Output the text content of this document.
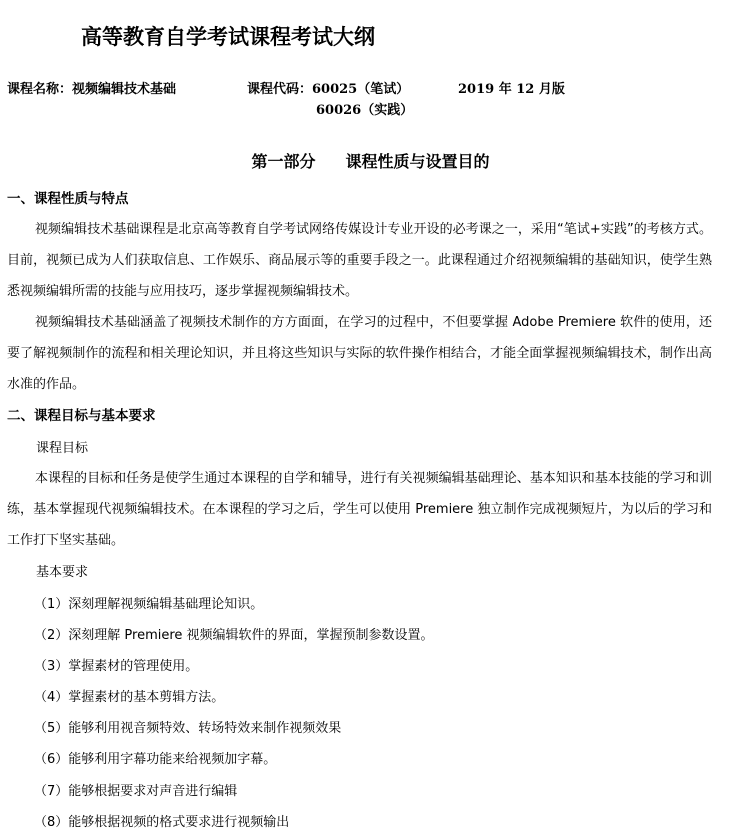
高等教育自学考试课程考试大纲
课程名称：视频编辑技术基础	课程代码：60025（笔试）
60026（实践）
2019 年 12 月版
第一部分 课程性质与设置目的
一、课程性质与特点

视频编辑技术基础课程是北京高等教育自学考试网络传媒设计专业开设的必考课之一，采用“笔试+实践”的考核方式。目前，视频已成为人们获取信息、工作娱乐、商品展示等的重要手段之一。此课程通过介绍视频编辑的基础知识，使学生熟悉视频编辑所需的技能与应用技巧，逐步掌握视频编辑技术。

视频编辑技术基础涵盖了视频技术制作的方方面面，在学习的过程中，不但要掌握 Adobe Premiere 软件的使用，还要了解视频制作的流程和相关理论知识，并且将这些知识与实际的软件操作相结合，才能全面掌握视频编辑技术，制作出高水准的作品。

二、课程目标与基本要求
课程目标

本课程的目标和任务是使学生通过本课程的自学和辅导，进行有关视频编辑基础理论、基本知识和基本技能的学习和训练，基本掌握现代视频编辑技术。在本课程的学习之后，学生可以使用 Premiere 独立制作完成视频短片，为以后的学习和工作打下坚实基础。

基本要求
（1）深刻理解视频编辑基础理论知识。
（2）深刻理解 Premiere 视频编辑软件的界面，掌握预制参数设置。
（3）掌握素材的管理使用。
（4）掌握素材的基本剪辑方法。
（5）能够利用视音频特效、转场特效来制作视频效果
（6）能够利用字幕功能来给视频加字幕。
（7）能够根据要求对声音进行编辑
（8）能够根据视频的格式要求进行视频输出
